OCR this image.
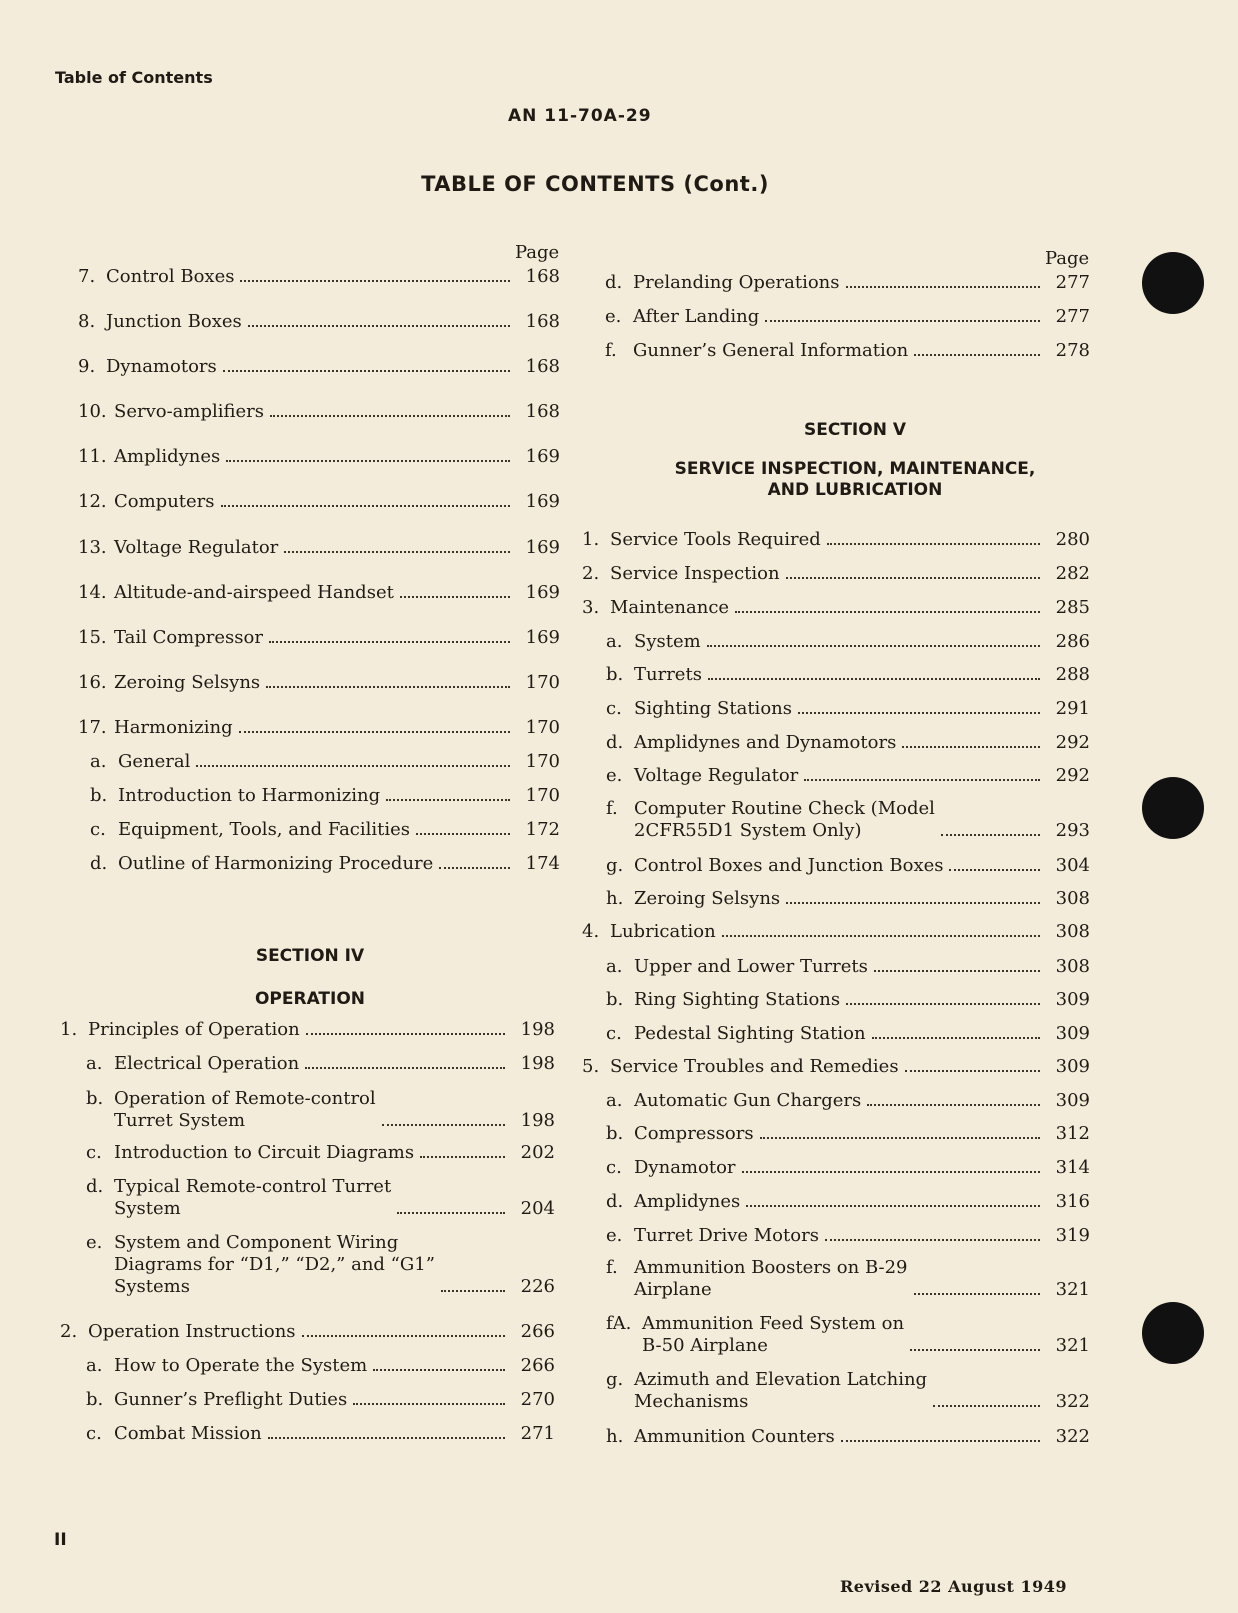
Table of Contents
AN 11-70A-29
TABLE OF CONTENTS (Cont.)
Page	Page
7. Control Boxes	168
8. Junction Boxes	168
9. Dynamotors	168
10. Servo-amplifiers	168
11. Amplidynes	169
12. Computers	169
13. Voltage Regulator	169
14. Altitude-and-airspeed Handset	169
15. Tail Compressor	169
16. Zeroing Selsyns	170
17. Harmonizing	170
a. General	170
b. Introduction to Harmonizing	170
c. Equipment, Tools, and Facilities	172
d. Outline of Harmonizing Procedure	174
1. Principles of Operation	198
a. Electrical Operation	198
b. Operation of Remote-control
Turret System	198
c. Introduction to Circuit Diagrams	202
d. Typical Remote-control Turret
System	204
e. System and Component Wiring
Diagrams for “D1,” “D2,” and “G1”
Systems	226
2. Operation Instructions	266
a. How to Operate the System	266
b. Gunner’s Preflight Duties	270
c. Combat Mission	271
d. Prelanding Operations	277
e. After Landing	277
f. Gunner’s General Information	278
1. Service Tools Required	280
2. Service Inspection	282
3. Maintenance	285
a. System	286
b. Turrets	288
c. Sighting Stations	291
d. Amplidynes and Dynamotors	292
e. Voltage Regulator	292
f. Computer Routine Check (Model
2CFR55D1 System Only)	293
g. Control Boxes and Junction Boxes	304
h. Zeroing Selsyns	308
4. Lubrication	308
a. Upper and Lower Turrets	308
b. Ring Sighting Stations	309
c. Pedestal Sighting Station	309
5. Service Troubles and Remedies	309
a. Automatic Gun Chargers	309
b. Compressors	312
c. Dynamotor	314
d. Amplidynes	316
e. Turret Drive Motors	319
f. Ammunition Boosters on B-29
Airplane	321
fA. Ammunition Feed System on
B-50 Airplane	321
g. Azimuth and Elevation Latching
Mechanisms	322
h. Ammunition Counters	322
SECTION IV
OPERATION
SECTION V
SERVICE INSPECTION, MAINTENANCE,
AND LUBRICATION
II
Revised 22 August 1949
